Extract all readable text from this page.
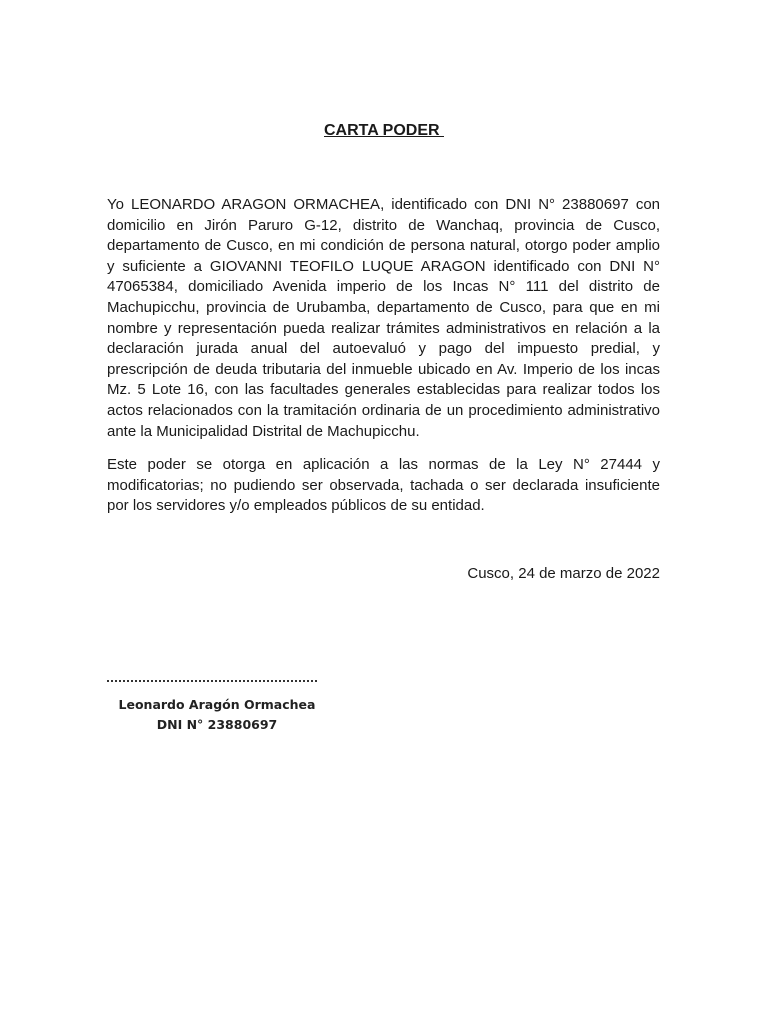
CARTA PODER

Yo LEONARDO ARAGON ORMACHEA, identificado con DNI N° 23880697 con domicilio en Jirón Paruro G-12, distrito de Wanchaq, provincia de Cusco, departamento de Cusco, en mi condición de persona natural, otorgo poder amplio y suficiente a GIOVANNI TEOFILO LUQUE ARAGON identificado con DNI N° 47065384, domiciliado Avenida imperio de los Incas N° 111 del distrito de Machupicchu, provincia de Urubamba, departamento de Cusco, para que en mi nombre y representación pueda realizar trámites administrativos en relación a la declaración jurada anual del autoevaluó y pago del impuesto predial, y prescripción de deuda tributaria del inmueble ubicado en Av. Imperio de los incas Mz. 5 Lote 16, con las facultades generales establecidas para realizar todos los actos relacionados con la tramitación ordinaria de un procedimiento administrativo ante la Municipalidad Distrital de Machupicchu.

Este poder se otorga en aplicación a las normas de la Ley N° 27444 y modificatorias; no pudiendo ser observada, tachada o ser declarada insuficiente por los servidores y/o empleados públicos de su entidad.

Cusco, 24 de marzo de 2022
Leonardo Aragón Ormachea
DNI N° 23880697
